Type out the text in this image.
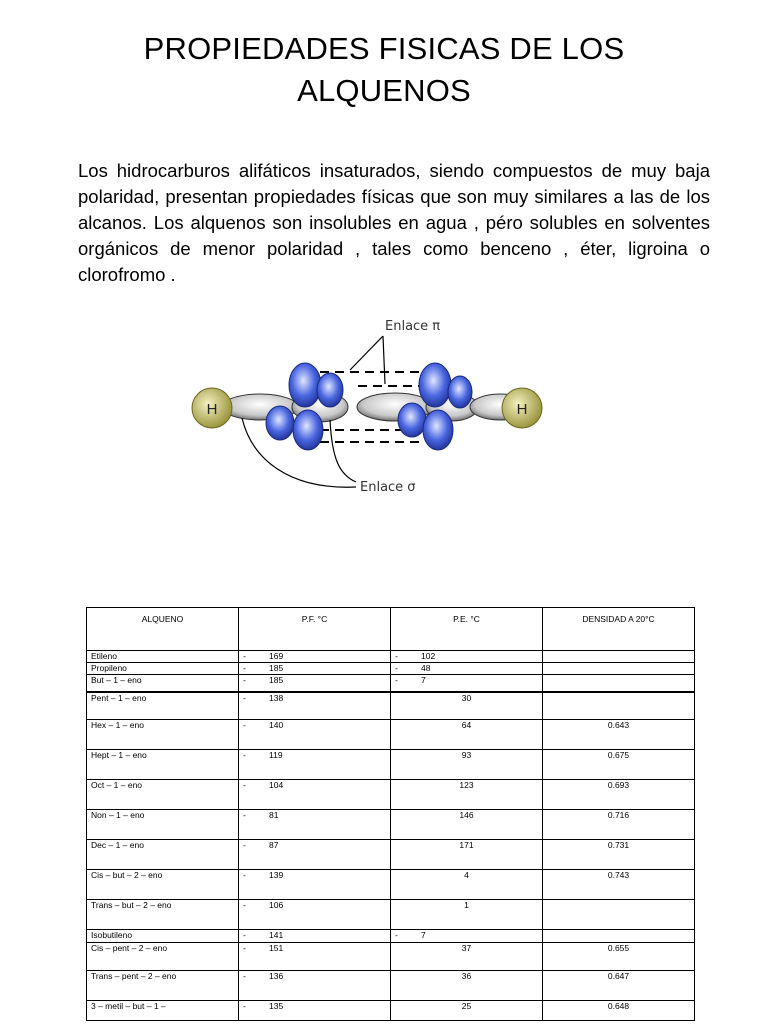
PROPIEDADES FISICAS DE LOS
ALQUENOS
Los hidrocarburos alifáticos insaturados, siendo compuestos de muy baja polaridad, presentan propiedades físicas que son muy similares a las de los alcanos. Los alquenos son insolubles en agua , péro solubles en solventes orgánicos de menor polaridad , tales como benceno , éter, ligroina o clorofromo .
H	H
Enlace π
Enlace σ
ALQUENO	P.F. °C	P.E. °C	DENSIDAD A 20°C
Etileno	- 169	- 102	
Propileno	- 185	- 48	
But – 1 – eno	- 185	- 7	
Pent – 1 – eno	- 138	30	
Hex – 1 – eno	- 140	64	0.643
Hept – 1 – eno	- 119	93	0.675
Oct – 1 – eno	- 104	123	0.693
Non – 1 – eno	- 81	146	0.716
Dec – 1 – eno	- 87	171	0.731
Cis – but – 2 – eno	- 139	4	0.743
Trans – but – 2 – eno	- 106	1	
Isobutileno	- 141	- 7	
Cis – pent – 2 – eno	- 151	37	0.655
Trans – pent – 2 – eno	- 136	36	0.647
3 – metil – but – 1 –	- 135	25	0.648
